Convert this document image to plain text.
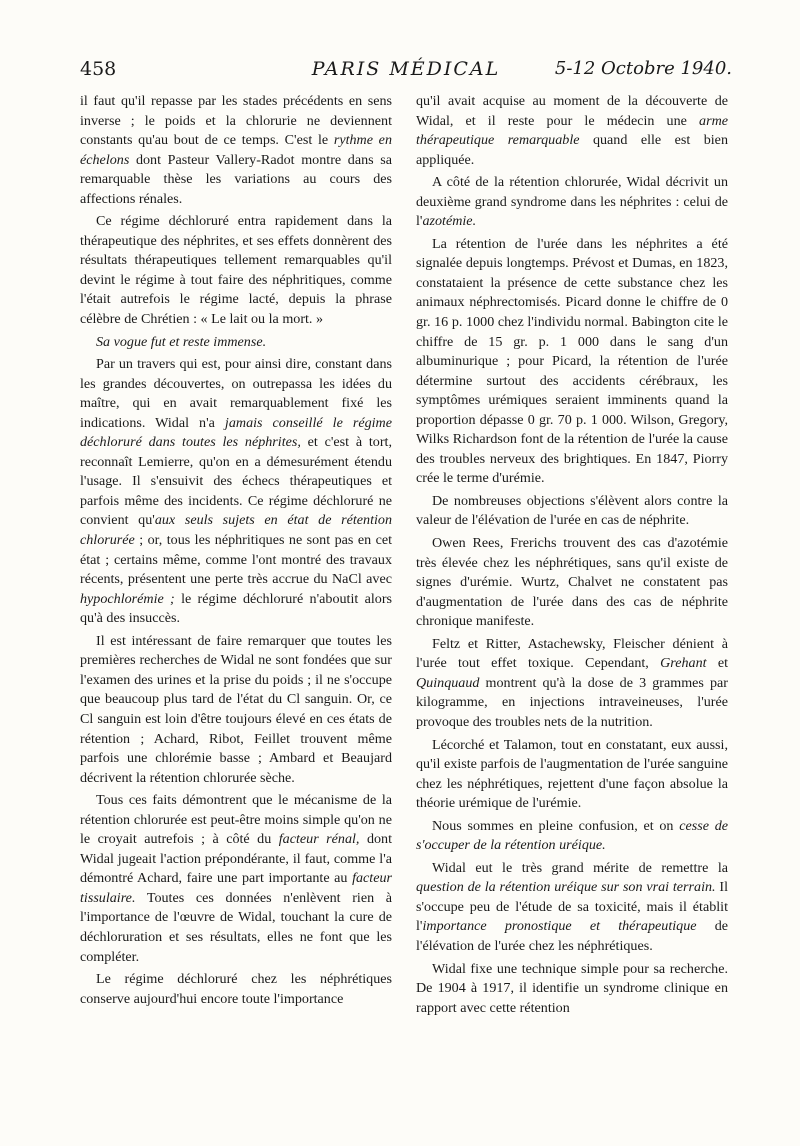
458	PARIS MÉDICAL	5-12 Octobre 1940.

il faut qu'il repasse par les stades précédents en sens inverse ; le poids et la chlorurie ne deviennent constants qu'au bout de ce temps. C'est le rythme en échelons dont Pasteur Vallery-Radot montre dans sa remarquable thèse les variations au cours des affections rénales.

Ce régime déchloruré entra rapidement dans la thérapeutique des néphrites, et ses effets donnèrent des résultats thérapeutiques tellement remarquables qu'il devint le régime à tout faire des néphritiques, comme l'était autrefois le régime lacté, depuis la phrase célèbre de Chrétien : « Le lait ou la mort. »

Sa vogue fut et reste immense.

Par un travers qui est, pour ainsi dire, constant dans les grandes découvertes, on outrepassa les idées du maître, qui en avait remarquablement fixé les indications. Widal n'a jamais conseillé le régime déchloruré dans toutes les néphrites, et c'est à tort, reconnaît Lemierre, qu'on en a démesurément étendu l'usage. Il s'ensuivit des échecs thérapeutiques et parfois même des incidents. Ce régime déchloruré ne convient qu'aux seuls sujets en état de rétention chlorurée ; or, tous les néphritiques ne sont pas en cet état ; certains même, comme l'ont montré des travaux récents, présentent une perte très accrue du NaCl avec hypochlorémie ; le régime déchloruré n'aboutit alors qu'à des insuccès.

Il est intéressant de faire remarquer que toutes les premières recherches de Widal ne sont fondées que sur l'examen des urines et la prise du poids ; il ne s'occupe que beaucoup plus tard de l'état du Cl sanguin. Or, ce Cl sanguin est loin d'être toujours élevé en ces états de rétention ; Achard, Ribot, Feillet trouvent même parfois une chlorémie basse ; Ambard et Beaujard décrivent la rétention chlorurée sèche.

Tous ces faits démontrent que le mécanisme de la rétention chlorurée est peut-être moins simple qu'on ne le croyait autrefois ; à côté du facteur rénal, dont Widal jugeait l'action prépondérante, il faut, comme l'a démontré Achard, faire une part importante au facteur tissulaire. Toutes ces données n'enlèvent rien à l'importance de l'œuvre de Widal, touchant la cure de déchloruration et ses résultats, elles ne font que les compléter.

Le régime déchloruré chez les néphrétiques conserve aujourd'hui encore toute l'importance

qu'il avait acquise au moment de la découverte de Widal, et il reste pour le médecin une arme thérapeutique remarquable quand elle est bien appliquée.

A côté de la rétention chlorurée, Widal décrivit un deuxième grand syndrome dans les néphrites : celui de l'azotémie.

La rétention de l'urée dans les néphrites a été signalée depuis longtemps. Prévost et Dumas, en 1823, constataient la présence de cette substance chez les animaux néphrectomisés. Picard donne le chiffre de 0 gr. 16 p. 1000 chez l'individu normal. Babington cite le chiffre de 15 gr. p. 1 000 dans le sang d'un albuminurique ; pour Picard, la rétention de l'urée détermine surtout des accidents cérébraux, les symptômes urémiques seraient imminents quand la proportion dépasse 0 gr. 70 p. 1 000. Wilson, Gregory, Wilks Richardson font de la rétention de l'urée la cause des troubles nerveux des brightiques. En 1847, Piorry crée le terme d'urémie.

De nombreuses objections s'élèvent alors contre la valeur de l'élévation de l'urée en cas de néphrite.

Owen Rees, Frerichs trouvent des cas d'azotémie très élevée chez les néphrétiques, sans qu'il existe de signes d'urémie. Wurtz, Chalvet ne constatent pas d'augmentation de l'urée dans des cas de néphrite chronique manifeste.

Feltz et Ritter, Astachewsky, Fleischer dénient à l'urée tout effet toxique. Cependant, Grehant et Quinquaud montrent qu'à la dose de 3 grammes par kilogramme, en injections intraveineuses, l'urée provoque des troubles nets de la nutrition.

Lécorché et Talamon, tout en constatant, eux aussi, qu'il existe parfois de l'augmentation de l'urée sanguine chez les néphrétiques, rejettent d'une façon absolue la théorie urémique de l'urémie.

Nous sommes en pleine confusion, et on cesse de s'occuper de la rétention uréique.

Widal eut le très grand mérite de remettre la question de la rétention uréique sur son vrai terrain. Il s'occupe peu de l'étude de sa toxicité, mais il établit l'importance pronostique et thérapeutique de l'élévation de l'urée chez les néphrétiques.

Widal fixe une technique simple pour sa recherche. De 1904 à 1917, il identifie un syndrome clinique en rapport avec cette rétention
